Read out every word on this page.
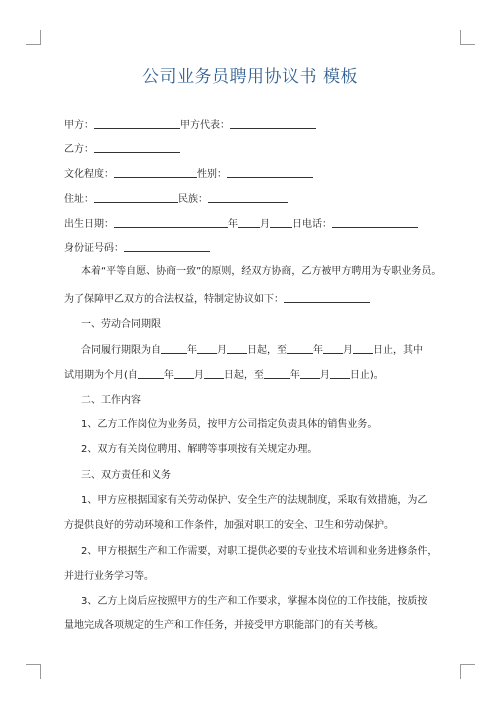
公司业务员聘用协议书 模板
甲方：	甲方代表：
乙方：
文化程度：	性别：
住址：	民族：
出生日期：	年 月 日电话：
身份证号码：
本着“平等自愿、协商一致”的原则，经双方协商，乙方被甲方聘用为专职业务员。
为了保障甲乙双方的合法权益，特制定协议如下：
一、劳动合同期限
合同履行期限为自	年 月 日起，至	年 月 日止，其中
试用期为个月(自	年 月 日起，至	年 月 日止)。
二、工作内容
1、乙方工作岗位为业务员，按甲方公司指定负责具体的销售业务。
2、双方有关岗位聘用、解聘等事项按有关规定办理。
三、双方责任和义务
1、甲方应根据国家有关劳动保护、安全生产的法规制度，采取有效措施，为乙
方提供良好的劳动环境和工作条件，加强对职工的安全、卫生和劳动保护。
2、甲方根据生产和工作需要，对职工提供必要的专业技术培训和业务进修条件，
并进行业务学习等。
3、乙方上岗后应按照甲方的生产和工作要求，掌握本岗位的工作技能，按质按
量地完成各项规定的生产和工作任务，并接受甲方职能部门的有关考核。
